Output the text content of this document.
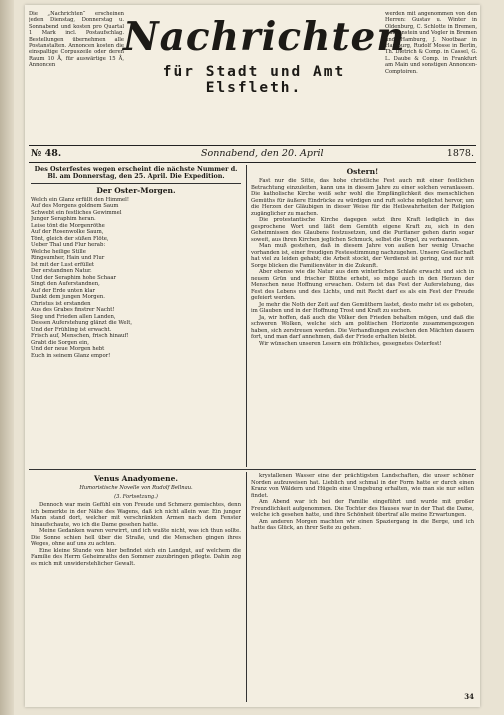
Die „Nachrichten“ erscheinen jeden Dienstag, Donnerstag u. Sonnabend und kosten pro Quartal 1 Mark incl. Postaufschlag. Bestellungen übernehmen alle Postanstalten. Annoncen kosten die einspaltige Corpuszeile oder deren Raum 10 Å, für auswärtige 15 Å, Annoncen

Nachrichten
für Stadt und Amt Elsfleth.

werden mit angenommen von den Herren: Gustav u. Winter in Oldenburg, C. Schlotte in Bremen, Haasenstein und Vogler in Bremen und Hamburg, J. Nootbaar in Hamburg, Rudolf Mosse in Berlin, Th. Dietrich & Comp. in Cassel, G. L. Daube & Comp. in Frankfurt am Main und sonstigen Annoncen-Comptoiren.

№ 48.	Sonnabend, den 20. April	1878.
Des Osterfestes wegen erscheint die nächste Nummer d. Bl. am Donnerstag, den 25. April. Die Expedition.
Der Oster-Morgen.

Welch ein Glanz erfüllt den Himmel!

Auf des Morgens goldnem Saum

Schwebt ein festliches Gewimmel

Junger Seraphim heran.

Leise tönt die Morgenröthe

Auf der Rosenwolke Saum,

Tönt, gleich der süßen Flöte,

Ueber Thal und Flur herab:

Welche heilige Stille

Ringsumher, Hain und Flur

Ist mit der Lust erfüllet

Der erstandnen Natur.

Und der Seraphim hohe Schaar

Singt den Auferstandnen,

Auf der Erde unten klar

Dankt dem jungen Morgen.

Christus ist erstanden

Aus des Grabes finstrer Nacht!

Sieg und Frieden allen Landen,

Dessen Auferstehung glänzt die Welt,

Und der Frühling ist erwacht.

Frisch auf, Menschen, frisch hinauf!

Grabt die Sorgen ein,

Und der neue Morgen hebt

Euch in seinem Glanz empor!

Ostern!

Fast nur die Sitte, das hohe christliche Fest auch mit einer festlichen Betrachtung einzuleiten, kann uns in diesem Jahre zu einer solchen veranlassen. Die katholische Kirche weiß sehr wohl die Empfänglichkeit des menschlichen Gemüths für äußere Eindrücke zu würdigen und ruft solche möglichst hervor, um die Herzen der Gläubigen in dieser Weise für die Heilswahrheiten der Religion zugänglicher zu machen.

Die protestantische Kirche dagegen setzt ihre Kraft lediglich in das gesprochene Wort und läßt dem Gemüth eigene Kraft zu, sich in den Geheimnissen des Glaubens festzusetzen, und die Puritaner gehen darin sogar soweit, aus ihren Kirchen jeglichen Schmuck, selbst die Orgel, zu verbannen.

Man muß gestehen, daß in diesem Jahre von außen her wenig Ursache vorhanden ist, einer freudigen Festesstimmung nachzugehen. Unsere Gesellschaft hat viel zu leiden gehabt; die Arbeit stockt, der Verdienst ist gering, und nur mit Sorge blicken die Familienväter in die Zukunft.

Aber ebenso wie die Natur aus dem winterlichen Schlafe erwacht und sich in neuem Grün und frischer Blüthe erhebt, so möge auch in den Herzen der Menschen neue Hoffnung erwachen. Ostern ist das Fest der Auferstehung, das Fest des Lebens und des Lichts, und mit Recht darf es als ein Fest der Freude gefeiert werden.

Je mehr die Noth der Zeit auf den Gemüthern lastet, desto mehr ist es geboten, im Glauben und in der Hoffnung Trost und Kraft zu suchen.

Ja, wir hoffen, daß auch die Völker den Frieden behalten mögen, und daß die schweren Wolken, welche sich am politischen Horizonte zusammengezogen haben, sich zerstreuen werden. Die Verhandlungen zwischen den Mächten dauern fort, und man darf annehmen, daß der Friede erhalten bleibt.

Wir wünschen unseren Lesern ein fröhliches, gesegnetes Osterfest!

Venus Anadyomene.
Humoristische Novelle von Rudolf Bellnau.
(3. Fortsetzung.)

Dennoch war mein Gefühl ein von Freude und Schmerz gemischtes, denn ich bemerkte in der Nähe des Wagens, daß ich nicht allein war. Ein junger Mann stand dort, welcher mit verschränkten Armen nach dem Fenster hinaufschaute, wo ich die Dame gesehen hatte.

Meine Gedanken waren verwirrt, und ich wußte nicht, was ich thun sollte. Die Sonne schien hell über die Straße, und die Menschen gingen ihres Weges, ohne auf uns zu achten.

Eine kleine Stunde von hier befindet sich ein Landgut, auf welchem die Familie des Herrn Geheimraths den Sommer zuzubringen pflegte. Dahin zog es mich mit unwiderstehlicher Gewalt.

krystallenen Wasser eine der prächtigsten Landschaften, die unser schöner Norden aufzuweisen hat. Lieblich und schmal in der Form hatte er durch einen Kranz von Wäldern und Hügeln eine Umgebung erhalten, wie man sie nur selten findet.

Am Abend war ich bei der Familie eingeführt und wurde mit großer Freundlichkeit aufgenommen. Die Tochter des Hauses war in der That die Dame, welche ich gesehen hatte, und ihre Schönheit übertraf alle meine Erwartungen.

Am anderen Morgen machten wir einen Spaziergang in die Berge, und ich hatte das Glück, an ihrer Seite zu gehen.

34
